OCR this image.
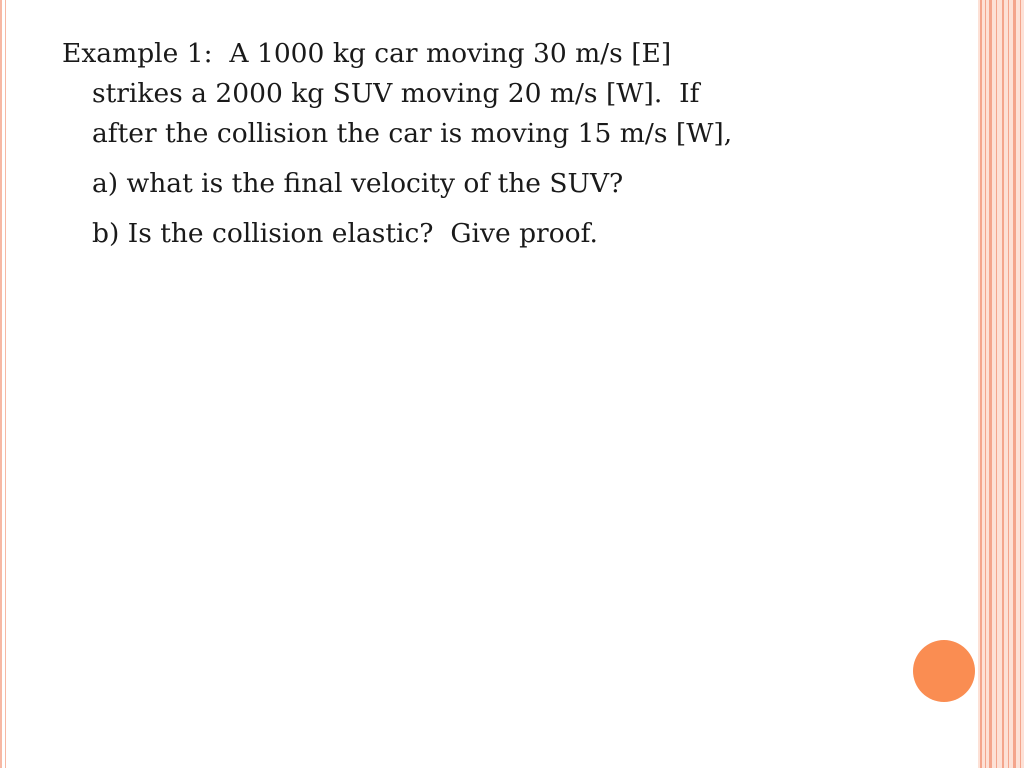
Example 1:  A 1000 kg car moving 30 m/s [E]
strikes a 2000 kg SUV moving 20 m/s [W].  If
after the collision the car is moving 15 m/s [W],

a) what is the final velocity of the SUV?

b) Is the collision elastic?  Give proof.
